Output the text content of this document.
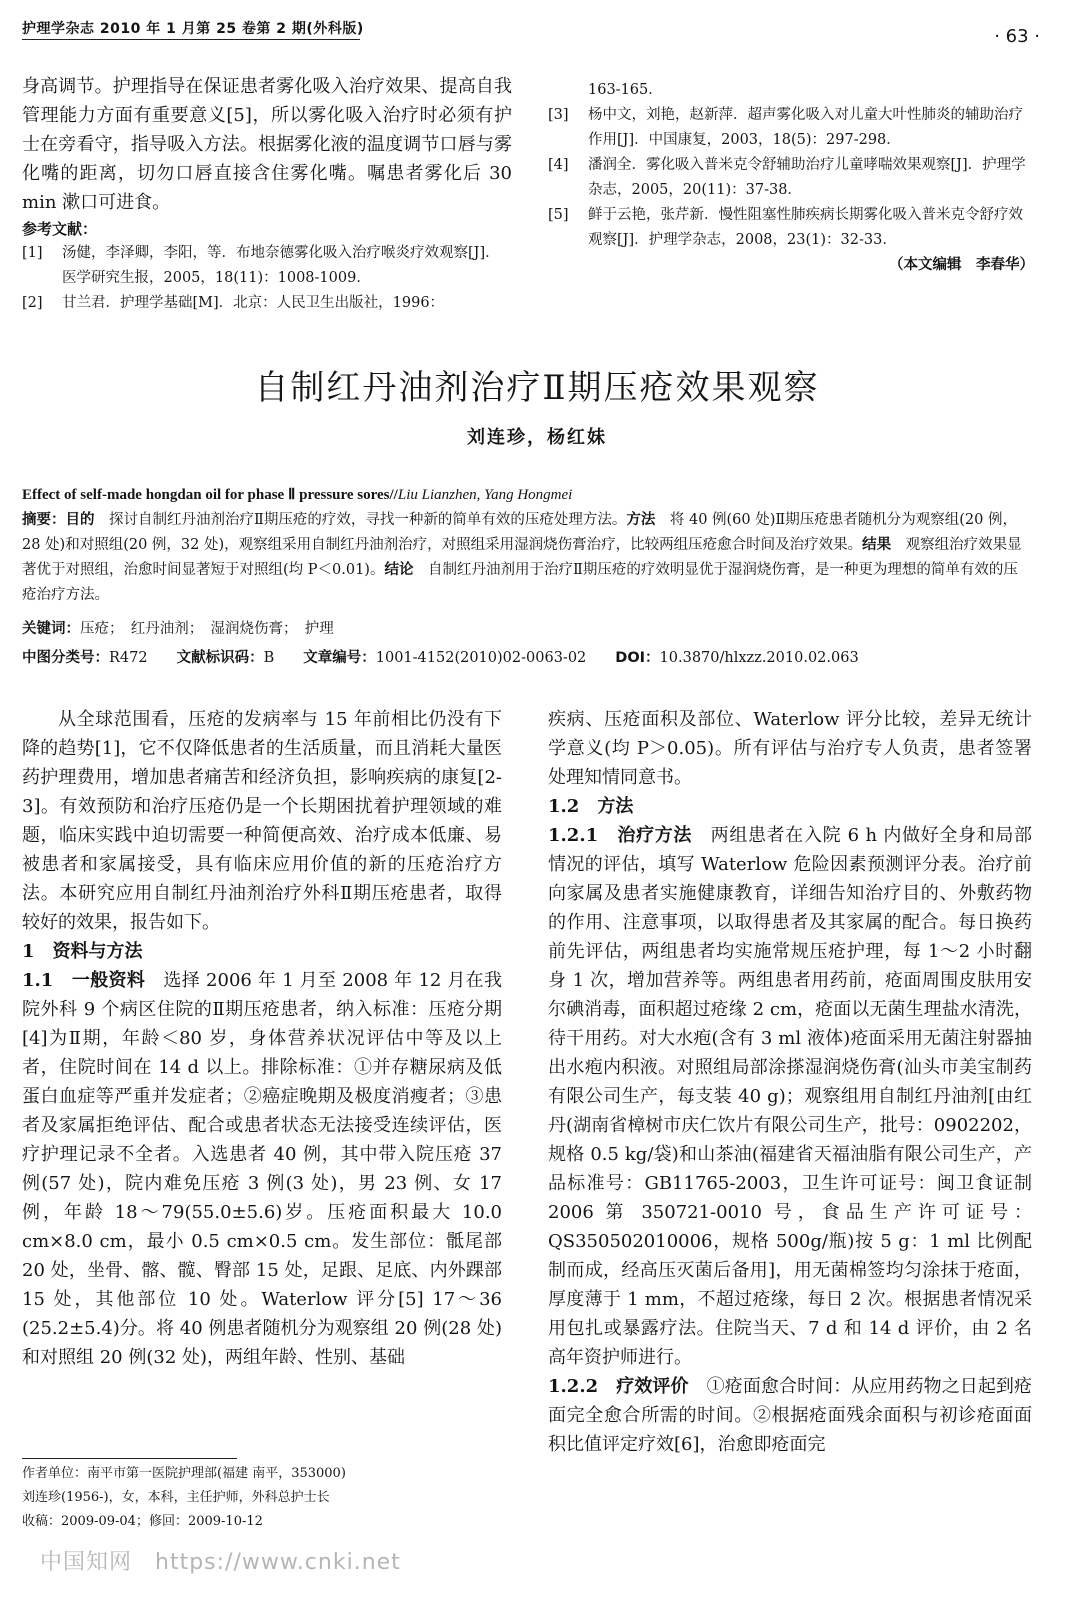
护理学杂志 2010 年 1 月第 25 卷第 2 期(外科版)	· 63 ·

身高调节。护理指导在保证患者雾化吸入治疗效果、提高自我管理能力方面有重要意义[5]，所以雾化吸入治疗时必须有护士在旁看守，指导吸入方法。根据雾化液的温度调节口唇与雾化嘴的距离，切勿口唇直接含住雾化嘴。嘱患者雾化后 30 min 漱口可进食。

参考文献：
[1]	汤健，李泽卿，李阳，等．布地奈德雾化吸入治疗喉炎疗效观察[J]．医学研究生报，2005，18(11)：1008-1009．
[2]	甘兰君．护理学基础[M]．北京：人民卫生出版社，1996：
163-165．
[3]	杨中文，刘艳，赵新萍．超声雾化吸入对儿童大叶性肺炎的辅助治疗作用[J]．中国康复，2003，18(5)：297-298．
[4]	潘润全．雾化吸入普米克令舒辅助治疗儿童哮喘效果观察[J]．护理学杂志，2005，20(11)：37-38．
[5]	鲜于云艳，张芹新．慢性阻塞性肺疾病长期雾化吸入普米克令舒疗效观察[J]．护理学杂志，2008，23(1)：32-33．
（本文编辑　李春华）
自制红丹油剂治疗Ⅱ期压疮效果观察
刘连珍，杨红妹
Effect of self-made hongdan oil for phase Ⅱ pressure sores//Liu Lianzhen, Yang Hongmei
摘要：目的  探讨自制红丹油剂治疗Ⅱ期压疮的疗效，寻找一种新的简单有效的压疮处理方法。方法  将 40 例(60 处)Ⅱ期压疮患者随机分为观察组(20 例，28 处)和对照组(20 例，32 处)，观察组采用自制红丹油剂治疗，对照组采用湿润烧伤膏治疗，比较两组压疮愈合时间及治疗效果。结果  观察组治疗效果显著优于对照组，治愈时间显著短于对照组(均 P＜0.01)。结论  自制红丹油剂用于治疗Ⅱ期压疮的疗效明显优于湿润烧伤膏，是一种更为理想的简单有效的压疮治疗方法。
关键词：压疮；　红丹油剂；　湿润烧伤膏；　护理
中图分类号：R472   文献标识码：B   文章编号：1001-4152(2010)02-0063-02   DOI：10.3870/hlxzz.2010.02.063

从全球范围看，压疮的发病率与 15 年前相比仍没有下降的趋势[1]，它不仅降低患者的生活质量，而且消耗大量医药护理费用，增加患者痛苦和经济负担，影响疾病的康复[2-3]。有效预防和治疗压疮仍是一个长期困扰着护理领域的难题，临床实践中迫切需要一种简便高效、治疗成本低廉、易被患者和家属接受，具有临床应用价值的新的压疮治疗方法。本研究应用自制红丹油剂治疗外科Ⅱ期压疮患者，取得较好的效果，报告如下。

1　资料与方法

1.1　一般资料  选择 2006 年 1 月至 2008 年 12 月在我院外科 9 个病区住院的Ⅱ期压疮患者，纳入标准：压疮分期[4]为Ⅱ期，年龄＜80 岁，身体营养状况评估中等及以上者，住院时间在 14 d 以上。排除标准：①并存糖尿病及低蛋白血症等严重并发症者；②癌症晚期及极度消瘦者；③患者及家属拒绝评估、配合或患者状态无法接受连续评估，医疗护理记录不全者。入选患者 40 例，其中带入院压疮 37 例(57 处)，院内难免压疮 3 例(3 处)，男 23 例、女 17 例，年龄 18～79(55.0±5.6)岁。压疮面积最大 10.0 cm×8.0 cm，最小 0.5 cm×0.5 cm。发生部位：骶尾部 20 处，坐骨、髂、髋、臀部 15 处，足跟、足底、内外踝部 15 处，其他部位 10 处。Waterlow 评分[5] 17～36 (25.2±5.4)分。将 40 例患者随机分为观察组 20 例(28 处)和对照组 20 例(32 处)，两组年龄、性别、基础

疾病、压疮面积及部位、Waterlow 评分比较，差异无统计学意义(均 P＞0.05)。所有评估与治疗专人负责，患者签署处理知情同意书。

1.2　方法

1.2.1　治疗方法  两组患者在入院 6 h 内做好全身和局部情况的评估，填写 Waterlow 危险因素预测评分表。治疗前向家属及患者实施健康教育，详细告知治疗目的、外敷药物的作用、注意事项，以取得患者及其家属的配合。每日换药前先评估，两组患者均实施常规压疮护理，每 1～2 小时翻身 1 次，增加营养等。两组患者用药前，疮面周围皮肤用安尔碘消毒，面积超过疮缘 2 cm，疮面以无菌生理盐水清洗，待干用药。对大水疱(含有 3 ml 液体)疮面采用无菌注射器抽出水疱内积液。对照组局部涂搽湿润烧伤膏(汕头市美宝制药有限公司生产，每支装 40 g)；观察组用自制红丹油剂[由红丹(湖南省樟树市庆仁饮片有限公司生产，批号：0902202，规格 0.5 kg/袋)和山茶油(福建省天福油脂有限公司生产，产品标准号：GB11765-2003，卫生许可证号：闽卫食证制 2006 第 350721-0010 号，食品生产许可证号：QS350502010006，规格 500g/瓶)按 5 g：1 ml 比例配制而成，经高压灭菌后备用]，用无菌棉签均匀涂抹于疮面，厚度薄于 1 mm，不超过疮缘，每日 2 次。根据患者情况采用包扎或暴露疗法。住院当天、7 d 和 14 d 评价，由 2 名高年资护师进行。

1.2.2　疗效评价  ①疮面愈合时间：从应用药物之日起到疮面完全愈合所需的时间。②根据疮面残余面积与初诊疮面面积比值评定疗效[6]，治愈即疮面完

作者单位：南平市第一医院护理部(福建 南平，353000)
刘连珍(1956-)，女，本科，主任护师，外科总护士长
收稿：2009-09-04；修回：2009-10-12
中国知网　https://www.cnki.net
